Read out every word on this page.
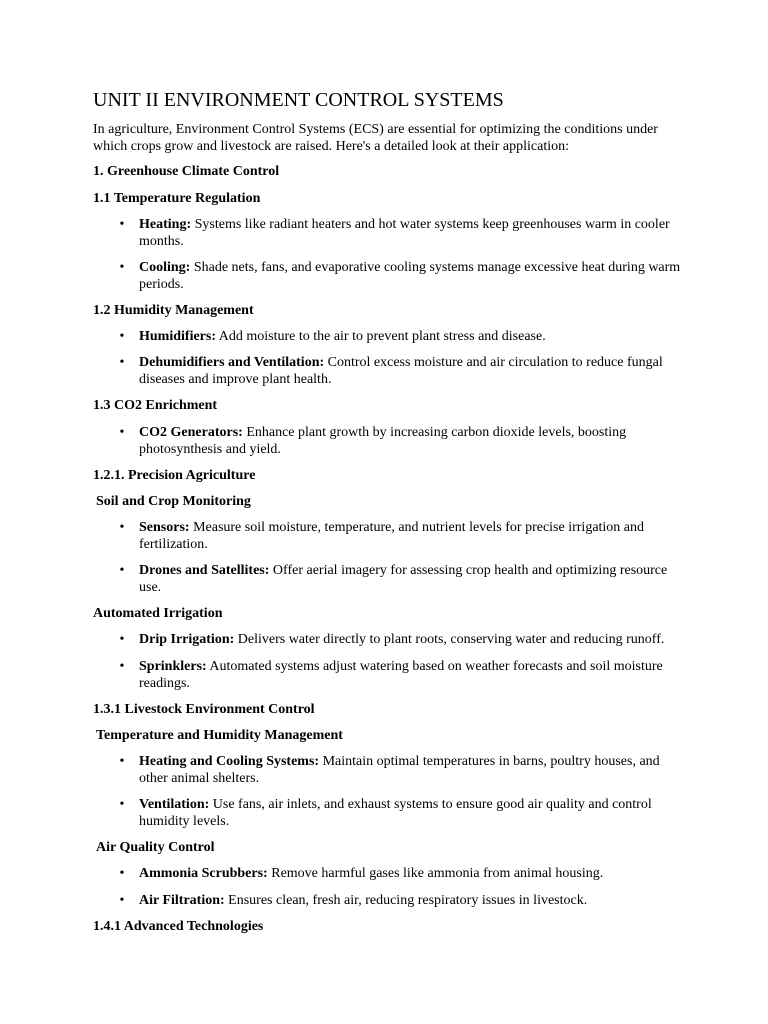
UNIT II ENVIRONMENT CONTROL SYSTEMS

In agriculture, Environment Control Systems (ECS) are essential for optimizing the conditions under which crops grow and livestock are raised. Here's a detailed look at their application:

1. Greenhouse Climate Control

1.1 Temperature Regulation

• Heating: Systems like radiant heaters and hot water systems keep greenhouses warm in cooler months.

• Cooling: Shade nets, fans, and evaporative cooling systems manage excessive heat during warm periods.

1.2 Humidity Management

• Humidifiers: Add moisture to the air to prevent plant stress and disease.

• Dehumidifiers and Ventilation: Control excess moisture and air circulation to reduce fungal diseases and improve plant health.

1.3 CO2 Enrichment

• CO2 Generators: Enhance plant growth by increasing carbon dioxide levels, boosting photosynthesis and yield.

1.2.1. Precision Agriculture

Soil and Crop Monitoring

• Sensors: Measure soil moisture, temperature, and nutrient levels for precise irrigation and fertilization.

• Drones and Satellites: Offer aerial imagery for assessing crop health and optimizing resource use.

Automated Irrigation

• Drip Irrigation: Delivers water directly to plant roots, conserving water and reducing runoff.

• Sprinklers: Automated systems adjust watering based on weather forecasts and soil moisture readings.

1.3.1 Livestock Environment Control

Temperature and Humidity Management

• Heating and Cooling Systems: Maintain optimal temperatures in barns, poultry houses, and other animal shelters.

• Ventilation: Use fans, air inlets, and exhaust systems to ensure good air quality and control humidity levels.

Air Quality Control

• Ammonia Scrubbers: Remove harmful gases like ammonia from animal housing.

• Air Filtration: Ensures clean, fresh air, reducing respiratory issues in livestock.

1.4.1 Advanced Technologies
